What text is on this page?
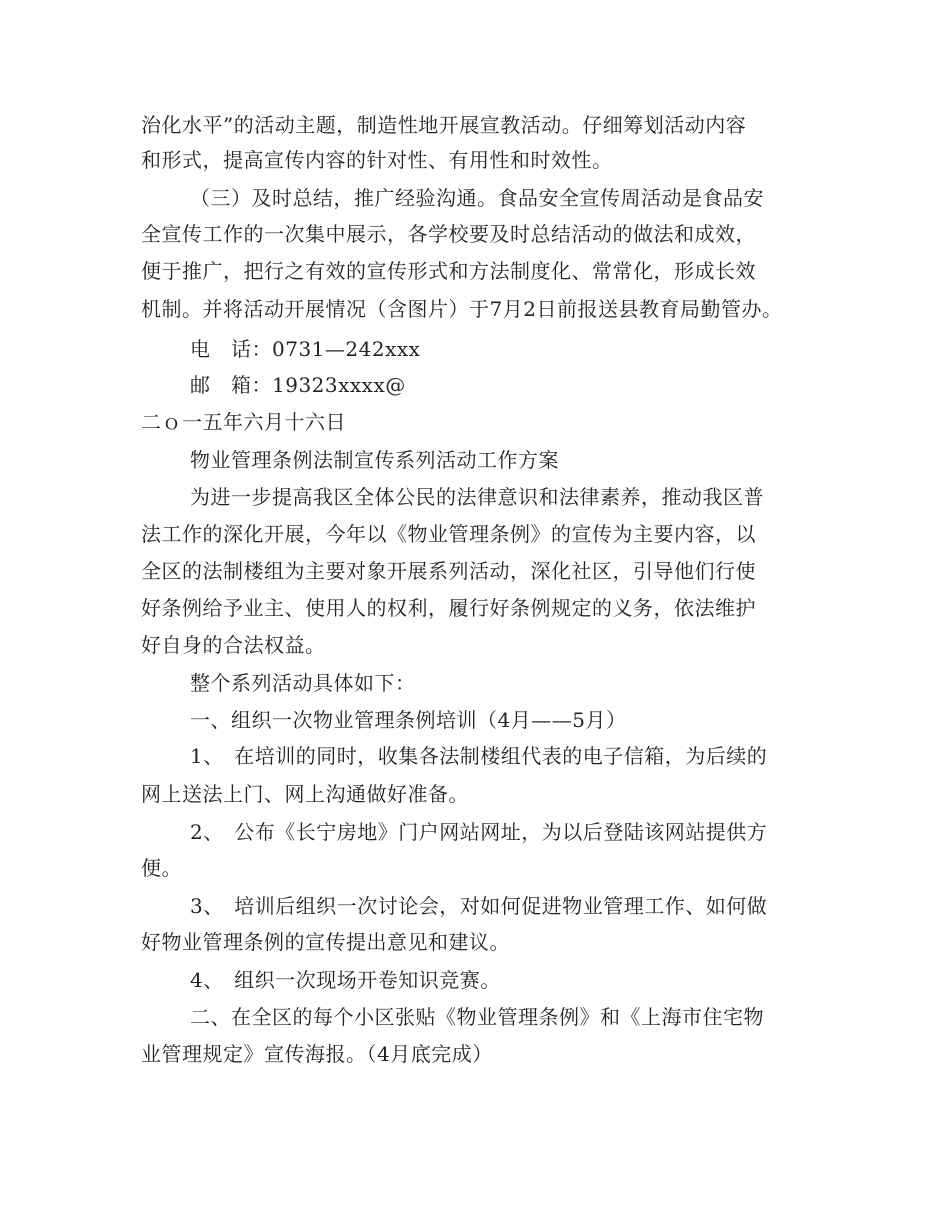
治化水平”的活动主题，制造性地开展宣教活动。仔细筹划活动内容
和形式，提高宣传内容的针对性、有用性和时效性。
（三）及时总结，推广经验沟通。食品安全宣传周活动是食品安
全宣传工作的一次集中展示，各学校要及时总结活动的做法和成效，
便于推广，把行之有效的宣传形式和方法制度化、常常化，形成长效
机制。并将活动开展情况（含图片）于7月2日前报送县教育局勤管办。
电　话：0731—242xxx
邮　箱：19323xxxx@
二ｏ一五年六月十六日
物业管理条例法制宣传系列活动工作方案
为进一步提高我区全体公民的法律意识和法律素养，推动我区普
法工作的深化开展，今年以《物业管理条例》的宣传为主要内容，以
全区的法制楼组为主要对象开展系列活动，深化社区，引导他们行使
好条例给予业主、使用人的权利，履行好条例规定的义务，依法维护
好自身的合法权益。
整个系列活动具体如下：
一、组织一次物业管理条例培训（4月——5月）
1、　在培训的同时，收集各法制楼组代表的电子信箱，为后续的
网上送法上门、网上沟通做好准备。
2、　公布《长宁房地》门户网站网址，为以后登陆该网站提供方
便。
3、　培训后组织一次讨论会，对如何促进物业管理工作、如何做
好物业管理条例的宣传提出意见和建议。
4、　组织一次现场开卷知识竞赛。
二、在全区的每个小区张贴《物业管理条例》和《上海市住宅物
业管理规定》宣传海报。（4月底完成）
